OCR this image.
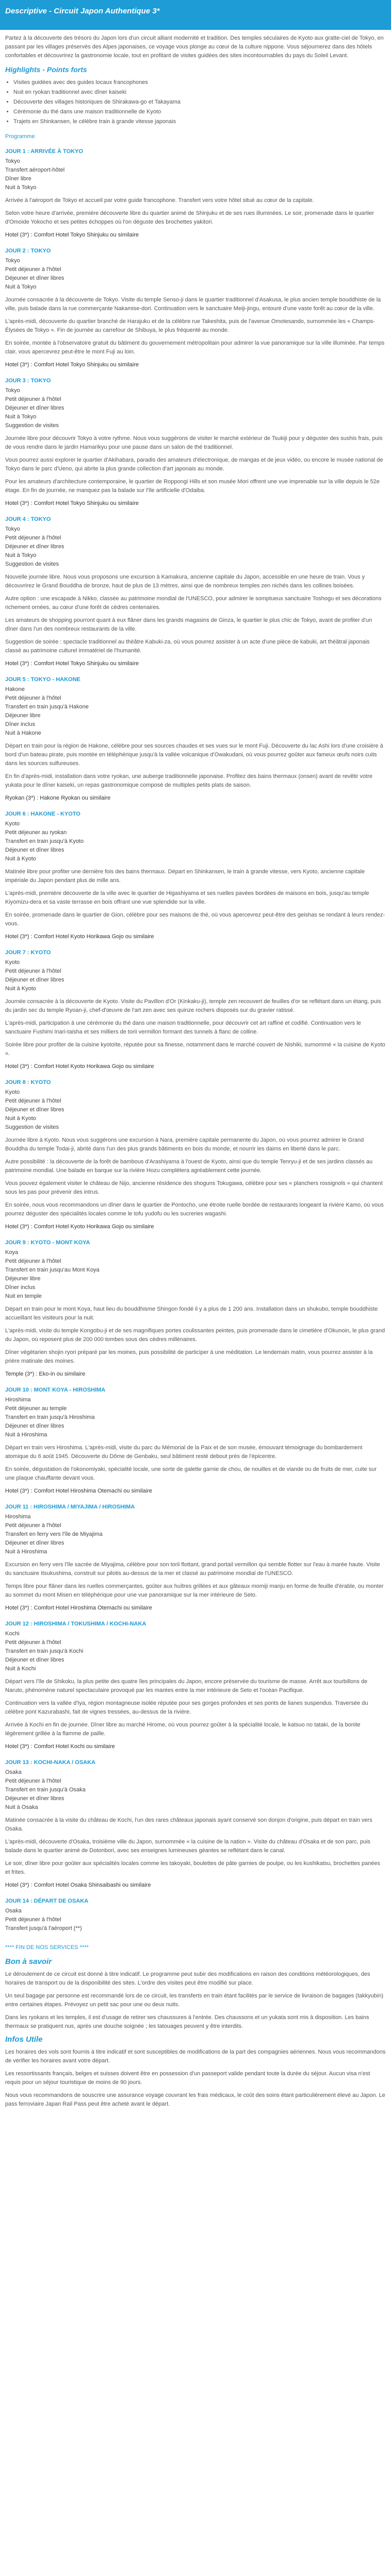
Descriptive - Circuit Japon Authentique 3*

Partez à la découverte des trésors du Japon lors d'un circuit alliant modernité et tradition. Des temples séculaires de Kyoto aux gratte-ciel de Tokyo, en passant par les villages préservés des Alpes japonaises, ce voyage vous plonge au cœur de la culture nippone. Vous séjournerez dans des hôtels confortables et découvrirez la gastronomie locale, tout en profitant de visites guidées des sites incontournables du pays du Soleil Levant.

Highlights - Points forts
• Visites guidées avec des guides locaux francophones
• Nuit en ryokan traditionnel avec dîner kaiseki
• Découverte des villages historiques de Shirakawa-go et Takayama
• Cérémonie du thé dans une maison traditionnelle de Kyoto
• Trajets en Shinkansen, le célèbre train à grande vitesse japonais
Programme
JOUR 1 : ARRIVÉE À TOKYO

Tokyo

Transfert aéroport-hôtel

Dîner libre

Nuit à Tokyo

Arrivée à l'aéroport de Tokyo et accueil par votre guide francophone. Transfert vers votre hôtel situé au cœur de la capitale.

Selon votre heure d'arrivée, première découverte libre du quartier animé de Shinjuku et de ses rues illuminées. Le soir, promenade dans le quartier d'Omoide Yokocho et ses petites échoppes où l'on déguste des brochettes yakitori.

Hotel (3*) : Comfort Hotel Tokyo Shinjuku ou similaire

JOUR 2 : TOKYO

Tokyo

Petit déjeuner à l'hôtel

Déjeuner et dîner libres

Nuit à Tokyo

Journée consacrée à la découverte de Tokyo. Visite du temple Senso-ji dans le quartier traditionnel d'Asakusa, le plus ancien temple bouddhiste de la ville, puis balade dans la rue commerçante Nakamise-dori. Continuation vers le sanctuaire Meiji-jingu, entouré d'une vaste forêt au cœur de la ville.

L'après-midi, découverte du quartier branché de Harajuku et de la célèbre rue Takeshita, puis de l'avenue Omotesando, surnommée les « Champs-Élysées de Tokyo ». Fin de journée au carrefour de Shibuya, le plus fréquenté au monde.

En soirée, montée à l'observatoire gratuit du bâtiment du gouvernement métropolitain pour admirer la vue panoramique sur la ville illuminée. Par temps clair, vous apercevrez peut-être le mont Fuji au loin.

Hotel (3*) : Comfort Hotel Tokyo Shinjuku ou similaire

JOUR 3 : TOKYO

Tokyo

Petit déjeuner à l'hôtel

Déjeuner et dîner libres

Nuit à Tokyo

Suggestion de visites

Journée libre pour découvrir Tokyo à votre rythme. Nous vous suggérons de visiter le marché extérieur de Tsukiji pour y déguster des sushis frais, puis de vous rendre dans le jardin Hamarikyu pour une pause dans un salon de thé traditionnel.

Vous pourrez aussi explorer le quartier d'Akihabara, paradis des amateurs d'électronique, de mangas et de jeux vidéo, ou encore le musée national de Tokyo dans le parc d'Ueno, qui abrite la plus grande collection d'art japonais au monde.

Pour les amateurs d'architecture contemporaine, le quartier de Roppongi Hills et son musée Mori offrent une vue imprenable sur la ville depuis le 52e étage. En fin de journée, ne manquez pas la balade sur l'île artificielle d'Odaiba.

Hotel (3*) : Comfort Hotel Tokyo Shinjuku ou similaire

JOUR 4 : TOKYO

Tokyo

Petit déjeuner à l'hôtel

Déjeuner et dîner libres

Nuit à Tokyo

Suggestion de visites

Nouvelle journée libre. Nous vous proposons une excursion à Kamakura, ancienne capitale du Japon, accessible en une heure de train. Vous y découvrirez le Grand Bouddha de bronze, haut de plus de 13 mètres, ainsi que de nombreux temples zen nichés dans les collines boisées.

Autre option : une escapade à Nikko, classée au patrimoine mondial de l'UNESCO, pour admirer le somptueux sanctuaire Toshogu et ses décorations richement ornées, au cœur d'une forêt de cèdres centenaires.

Les amateurs de shopping pourront quant à eux flâner dans les grands magasins de Ginza, le quartier le plus chic de Tokyo, avant de profiter d'un dîner dans l'un des nombreux restaurants de la ville.

Suggestion de soirée : spectacle traditionnel au théâtre Kabuki-za, où vous pourrez assister à un acte d'une pièce de kabuki, art théâtral japonais classé au patrimoine culturel immatériel de l'humanité.

Hotel (3*) : Comfort Hotel Tokyo Shinjuku ou similaire

JOUR 5 : TOKYO - HAKONE

Hakone

Petit déjeuner à l'hôtel

Transfert en train jusqu'à Hakone

Déjeuner libre

Dîner inclus

Nuit à Hakone

Départ en train pour la région de Hakone, célèbre pour ses sources chaudes et ses vues sur le mont Fuji. Découverte du lac Ashi lors d'une croisière à bord d'un bateau pirate, puis montée en téléphérique jusqu'à la vallée volcanique d'Owakudani, où vous pourrez goûter aux fameux œufs noirs cuits dans les sources sulfureuses.

En fin d'après-midi, installation dans votre ryokan, une auberge traditionnelle japonaise. Profitez des bains thermaux (onsen) avant de revêtir votre yukata pour le dîner kaiseki, un repas gastronomique composé de multiples petits plats de saison.

Ryokan (3*) : Hakone Ryokan ou similaire

JOUR 6 : HAKONE - KYOTO

Kyoto

Petit déjeuner au ryokan

Transfert en train jusqu'à Kyoto

Déjeuner et dîner libres

Nuit à Kyoto

Matinée libre pour profiter une dernière fois des bains thermaux. Départ en Shinkansen, le train à grande vitesse, vers Kyoto, ancienne capitale impériale du Japon pendant plus de mille ans.

L'après-midi, première découverte de la ville avec le quartier de Higashiyama et ses ruelles pavées bordées de maisons en bois, jusqu'au temple Kiyomizu-dera et sa vaste terrasse en bois offrant une vue splendide sur la ville.

En soirée, promenade dans le quartier de Gion, célèbre pour ses maisons de thé, où vous apercevrez peut-être des geishas se rendant à leurs rendez-vous.

Hotel (3*) : Comfort Hotel Kyoto Horikawa Gojo ou similaire

JOUR 7 : KYOTO

Kyoto

Petit déjeuner à l'hôtel

Déjeuner et dîner libres

Nuit à Kyoto

Journée consacrée à la découverte de Kyoto. Visite du Pavillon d'Or (Kinkaku-ji), temple zen recouvert de feuilles d'or se reflétant dans un étang, puis du jardin sec du temple Ryoan-ji, chef-d'œuvre de l'art zen avec ses quinze rochers disposés sur du gravier ratissé.

L'après-midi, participation à une cérémonie du thé dans une maison traditionnelle, pour découvrir cet art raffiné et codifié. Continuation vers le sanctuaire Fushimi Inari-taisha et ses milliers de torii vermillon formant des tunnels à flanc de colline.

Soirée libre pour profiter de la cuisine kyotoïte, réputée pour sa finesse, notamment dans le marché couvert de Nishiki, surnommé « la cuisine de Kyoto ».

Hotel (3*) : Comfort Hotel Kyoto Horikawa Gojo ou similaire

JOUR 8 : KYOTO

Kyoto

Petit déjeuner à l'hôtel

Déjeuner et dîner libres

Nuit à Kyoto

Suggestion de visites

Journée libre à Kyoto. Nous vous suggérons une excursion à Nara, première capitale permanente du Japon, où vous pourrez admirer le Grand Bouddha du temple Todai-ji, abrité dans l'un des plus grands bâtiments en bois du monde, et nourrir les daims en liberté dans le parc.

Autre possibilité : la découverte de la forêt de bambous d'Arashiyama à l'ouest de Kyoto, ainsi que du temple Tenryu-ji et de ses jardins classés au patrimoine mondial. Une balade en barque sur la rivière Hozu complétera agréablement cette journée.

Vous pouvez également visiter le château de Nijo, ancienne résidence des shoguns Tokugawa, célèbre pour ses « planchers rossignols » qui chantent sous les pas pour prévenir des intrus.

En soirée, nous vous recommandons un dîner dans le quartier de Pontocho, une étroite ruelle bordée de restaurants longeant la rivière Kamo, où vous pourrez déguster des spécialités locales comme le tofu yudofu ou les sucreries wagashi.

Hotel (3*) : Comfort Hotel Kyoto Horikawa Gojo ou similaire

JOUR 9 : KYOTO - MONT KOYA

Koya

Petit déjeuner à l'hôtel

Transfert en train jusqu'au Mont Koya

Déjeuner libre

Dîner inclus

Nuit en temple

Départ en train pour le mont Koya, haut lieu du bouddhisme Shingon fondé il y a plus de 1 200 ans. Installation dans un shukubo, temple bouddhiste accueillant les visiteurs pour la nuit.

L'après-midi, visite du temple Kongobu-ji et de ses magnifiques portes coulissantes peintes, puis promenade dans le cimetière d'Okunoin, le plus grand du Japon, où reposent plus de 200 000 tombes sous des cèdres millénaires.

Dîner végétarien shojin ryori préparé par les moines, puis possibilité de participer à une méditation. Le lendemain matin, vous pourrez assister à la prière matinale des moines.

Temple (3*) : Eko-in ou similaire

JOUR 10 : MONT KOYA - HIROSHIMA

Hiroshima

Petit déjeuner au temple

Transfert en train jusqu'à Hiroshima

Déjeuner et dîner libres

Nuit à Hiroshima

Départ en train vers Hiroshima. L'après-midi, visite du parc du Mémorial de la Paix et de son musée, émouvant témoignage du bombardement atomique du 6 août 1945. Découverte du Dôme de Genbaku, seul bâtiment resté debout près de l'épicentre.

En soirée, dégustation de l'okonomiyaki, spécialité locale, une sorte de galette garnie de chou, de nouilles et de viande ou de fruits de mer, cuite sur une plaque chauffante devant vous.

Hotel (3*) : Comfort Hotel Hiroshima Otemachi ou similaire

JOUR 11 : HIROSHIMA / MIYAJIMA / HIROSHIMA

Hiroshima

Petit déjeuner à l'hôtel

Transfert en ferry vers l'île de Miyajima

Déjeuner et dîner libres

Nuit à Hiroshima

Excursion en ferry vers l'île sacrée de Miyajima, célèbre pour son torii flottant, grand portail vermillon qui semble flotter sur l'eau à marée haute. Visite du sanctuaire Itsukushima, construit sur pilotis au-dessus de la mer et classé au patrimoine mondial de l'UNESCO.

Temps libre pour flâner dans les ruelles commerçantes, goûter aux huîtres grillées et aux gâteaux momiji manju en forme de feuille d'érable, ou monter au sommet du mont Misen en téléphérique pour une vue panoramique sur la mer intérieure de Seto.

Hotel (3*) : Comfort Hotel Hiroshima Otemachi ou similaire

JOUR 12 : HIROSHIMA / TOKUSHIMA / KOCHI-NAKA

Kochi

Petit déjeuner à l'hôtel

Transfert en train jusqu'à Kochi

Déjeuner et dîner libres

Nuit à Kochi

Départ vers l'île de Shikoku, la plus petite des quatre îles principales du Japon, encore préservée du tourisme de masse. Arrêt aux tourbillons de Naruto, phénomène naturel spectaculaire provoqué par les marées entre la mer intérieure de Seto et l'océan Pacifique.

Continuation vers la vallée d'Iya, région montagneuse isolée réputée pour ses gorges profondes et ses ponts de lianes suspendus. Traversée du célèbre pont Kazurabashi, fait de vignes tressées, au-dessus de la rivière.

Arrivée à Kochi en fin de journée. Dîner libre au marché Hirome, où vous pourrez goûter à la spécialité locale, le katsuo no tataki, de la bonite légèrement grillée à la flamme de paille.

Hotel (3*) : Comfort Hotel Kochi ou similaire

JOUR 13 : KOCHI-NAKA / OSAKA

Osaka

Petit déjeuner à l'hôtel

Transfert en train jusqu'à Osaka

Déjeuner et dîner libres

Nuit à Osaka

Matinée consacrée à la visite du château de Kochi, l'un des rares châteaux japonais ayant conservé son donjon d'origine, puis départ en train vers Osaka.

L'après-midi, découverte d'Osaka, troisième ville du Japon, surnommée « la cuisine de la nation ». Visite du château d'Osaka et de son parc, puis balade dans le quartier animé de Dotonbori, avec ses enseignes lumineuses géantes se reflétant dans le canal.

Le soir, dîner libre pour goûter aux spécialités locales comme les takoyaki, boulettes de pâte garnies de poulpe, ou les kushikatsu, brochettes panées et frites.

Hotel (3*) : Comfort Hotel Osaka Shinsaibashi ou similaire

JOUR 14 : DÉPART DE OSAKA

Osaka

Petit déjeuner à l'hôtel

Transfert jusqu'à l'aéroport (**)

**** FIN DE NOS SERVICES ****
Bon à savoir

Le déroulement de ce circuit est donné à titre indicatif. Le programme peut subir des modifications en raison des conditions météorologiques, des horaires de transport ou de la disponibilité des sites. L'ordre des visites peut être modifié sur place.

Un seul bagage par personne est recommandé lors de ce circuit, les transferts en train étant facilités par le service de livraison de bagages (takkyubin) entre certaines étapes. Prévoyez un petit sac pour une ou deux nuits.

Dans les ryokans et les temples, il est d'usage de retirer ses chaussures à l'entrée. Des chaussons et un yukata sont mis à disposition. Les bains thermaux se pratiquent nus, après une douche soignée ; les tatouages peuvent y être interdits.

Infos Utile

Les horaires des vols sont fournis à titre indicatif et sont susceptibles de modifications de la part des compagnies aériennes. Nous vous recommandons de vérifier les horaires avant votre départ.

Les ressortissants français, belges et suisses doivent être en possession d'un passeport valide pendant toute la durée du séjour. Aucun visa n'est requis pour un séjour touristique de moins de 90 jours.

Nous vous recommandons de souscrire une assurance voyage couvrant les frais médicaux, le coût des soins étant particulièrement élevé au Japon. Le pass ferroviaire Japan Rail Pass peut être acheté avant le départ.
